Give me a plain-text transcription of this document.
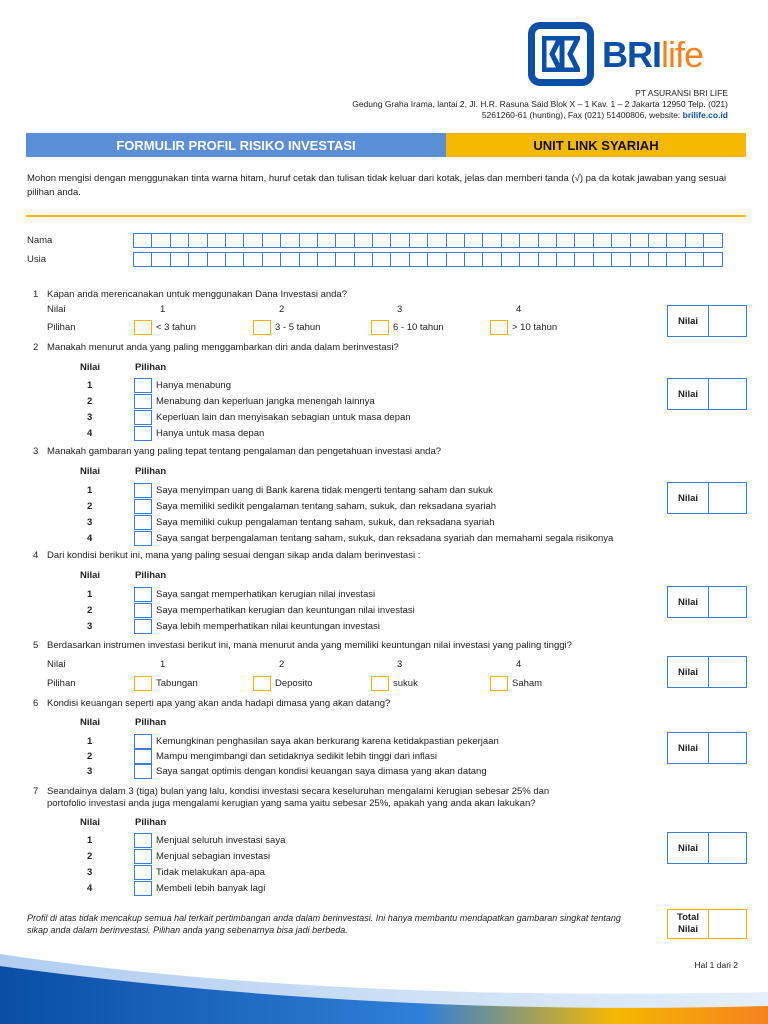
BRIlife
PT ASURANSI BRI LIFE
Gedung Graha Irama, lantai 2, Jl. H.R. Rasuna Said Blok X – 1 Kav. 1 – 2 Jakarta 12950 Telp. (021)
5261260-61 (hunting), Fax (021) 51400806, website: brilife.co.id
FORMULIR PROFIL RISIKO INVESTASI	UNIT LINK SYARIAH
Mohon mengisi dengan menggunakan tinta warna hitam, huruf cetak dan tulisan tidak keluar dari kotak, jelas dan memberi tanda (√) pa da kotak jawaban yang sesuai pilihan anda.
Nama
Usia
1 Kapan anda merencanakan untuk menggunakan Dana Investasi anda?
Nilai	1	2	3	4
Pilihan	< 3 tahun	3 - 5 tahun	6 - 10 tahun	> 10 tahun
Nilai
2 Manakah menurut anda yang paling menggambarkan diri anda dalam berinvestasi?
Nilai	Pilihan
1	Hanya menabung
2	Menabung dan keperluan jangka menengah lainnya
3	Keperluan lain dan menyisakan sebagian untuk masa depan
4	Hanya untuk masa depan
Nilai
3 Manakah gambaran yang paling tepat tentang pengalaman dan pengetahuan investasi anda?
Nilai	Pilihan
1	Saya menyimpan uang di Bank karena tidak mengerti tentang saham dan sukuk
2	Saya memiliki sedikit pengalaman tentang saham, sukuk, dan reksadana syariah
3	Saya memiliki cukup pengalaman tentang saham, sukuk, dan reksadana syariah
4	Saya sangat berpengalaman tentang saham, sukuk, dan reksadana syariah dan memahami segala risikonya
Nilai
4 Dari kondisi berikut ini, mana yang paling sesuai dengan sikap anda dalam berinvestasi :
Nilai	Pilihan
1	Saya sangat memperhatikan kerugian nilai investasi
2	Saya memperhatikan kerugian dan keuntungan nilai investasi
3	Saya lebih memperhatikan nilai keuntungan investasi
Nilai
5 Berdasarkan instrumen investasi berikut ini, mana menurut anda yang memiliki keuntungan nilai investasi yang paling tinggi?
Nilai	1	2	3	4
Pilihan	Tabungan	Deposito	sukuk	Saham
Nilai
6 Kondisi keuangan seperti apa yang akan anda hadapi dimasa yang akan datang?
Nilai	Pilihan
1	Kemungkinan penghasilan saya akan berkurang karena ketidakpastian pekerjaan
2	Mampu mengimbangi dan setidaknya sedikit lebih tinggi dari inflasi
3	Saya sangat optimis dengan kondisi keuangan saya dimasa yang akan datang
Nilai
7 Seandainya dalam 3 (tiga) bulan yang lalu, kondisi investasi secara keseluruhan mengalami kerugian sebesar 25% dan
portofolio investasi anda juga mengalami kerugian yang sama yaitu sebesar 25%, apakah yang anda akan lakukan?
Nilai	Pilihan
1	Menjual seluruh investasi saya
2	Menjual sebagian investasi
3	Tidak melakukan apa-apa
4	Membeli lebih banyak lagi
Nilai
Profil di atas tidak mencakup semua hal terkait pertimbangan anda dalam berinvestasi. Ini hanya membantu mendapatkan gambaran singkat tentang sikap anda dalam berinvestasi. Pilihan anda yang sebenarnya bisa jadi berbeda.
Total
Nilai
Hal 1 dari 2
